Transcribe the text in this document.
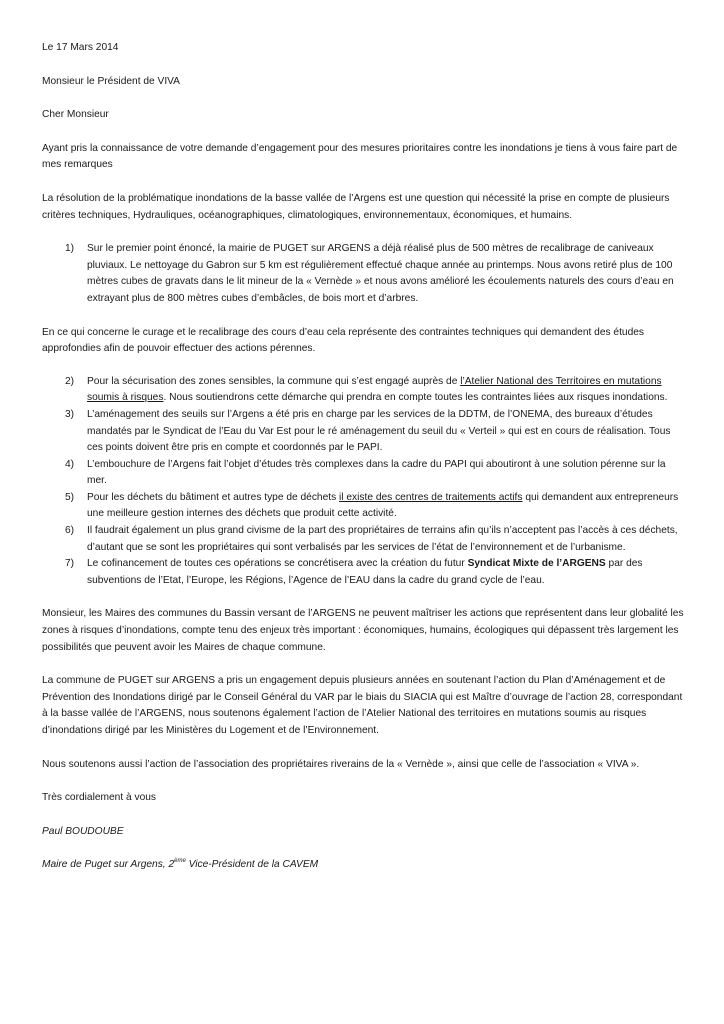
Le 17 Mars 2014

Monsieur le Président de VIVA

Cher Monsieur

Ayant pris la connaissance de votre demande d’engagement pour des mesures prioritaires contre les inondations je tiens à vous faire part de mes remarques

La résolution de la problématique inondations de la basse vallée de l’Argens est une question qui nécessité la prise en compte de plusieurs critères techniques, Hydrauliques, océanographiques, climatologiques, environnementaux, économiques, et humains.

1) Sur le premier point énoncé, la mairie de PUGET sur ARGENS a déjà réalisé plus de 500 mètres de recalibrage de caniveaux pluviaux. Le nettoyage du Gabron sur 5 km est régulièrement effectué chaque année au printemps. Nous avons retiré plus de 100 mètres cubes de gravats dans le lit mineur de la « Vernède » et nous avons amélioré les écoulements naturels des cours d’eau en extrayant plus de 800 mètres cubes d’embâcles, de bois mort et d’arbres.

En ce qui concerne le curage et le recalibrage des cours d’eau cela représente des contraintes techniques qui demandent des études approfondies afin de pouvoir effectuer des actions pérennes.

2) Pour la sécurisation des zones sensibles, la commune qui s’est engagé auprès de l’Atelier National des Territoires en mutations soumis à risques. Nous soutiendrons cette démarche qui prendra en compte toutes les contraintes liées aux risques inondations.
3) L’aménagement des seuils sur l’Argens a été pris en charge par les services de la DDTM, de l’ONEMA, des bureaux d’études mandatés par le Syndicat de l’Eau du Var Est pour le ré aménagement du seuil du « Verteil » qui est en cours de réalisation. Tous ces points doivent être pris en compte et coordonnés par le PAPI.
4) L’embouchure de l’Argens fait l’objet d’études très complexes dans la cadre du PAPI qui aboutiront à une solution pérenne sur la mer.
5) Pour les déchets du bâtiment et autres type de déchets il existe des centres de traitements actifs qui demandent aux entrepreneurs une meilleure gestion internes des déchets que produit cette activité.
6) Il faudrait également un plus grand civisme de la part des propriétaires de terrains afin qu’ils n’acceptent pas l’accès à ces déchets, d’autant que se sont les propriétaires qui sont verbalisés par les services de l’état de l’environnement et de l’urbanisme.
7) Le cofinancement de toutes ces opérations se concrétisera avec la création du futur Syndicat Mixte de l’ARGENS par des subventions de l’Etat, l’Europe, les Régions, l’Agence de l’EAU dans la cadre du grand cycle de l’eau.

Monsieur, les Maires des communes du Bassin versant de l’ARGENS ne peuvent maîtriser les actions que représentent dans leur globalité les zones à risques d’inondations, compte tenu des enjeux très important : économiques, humains, écologiques qui dépassent très largement les possibilités que peuvent avoir les Maires de chaque commune.

La commune de PUGET sur ARGENS a pris un engagement depuis plusieurs années en soutenant l’action du Plan d’Aménagement et de Prévention des Inondations dirigé par le Conseil Général du VAR par le biais du SIACIA qui est Maître d’ouvrage de l’action 28, correspondant à la basse vallée de l’ARGENS, nous soutenons également l’action de l’Atelier National des territoires en mutations soumis au risques d’inondations dirigé par les Ministères du Logement et de l’Environnement.

Nous soutenons aussi l’action de l’association des propriétaires riverains de la « Vernède », ainsi que celle de l’association « VIVA ».

Très cordialement à vous

Paul BOUDOUBE

Maire de Puget sur Argens, 2ème Vice-Président de la CAVEM
